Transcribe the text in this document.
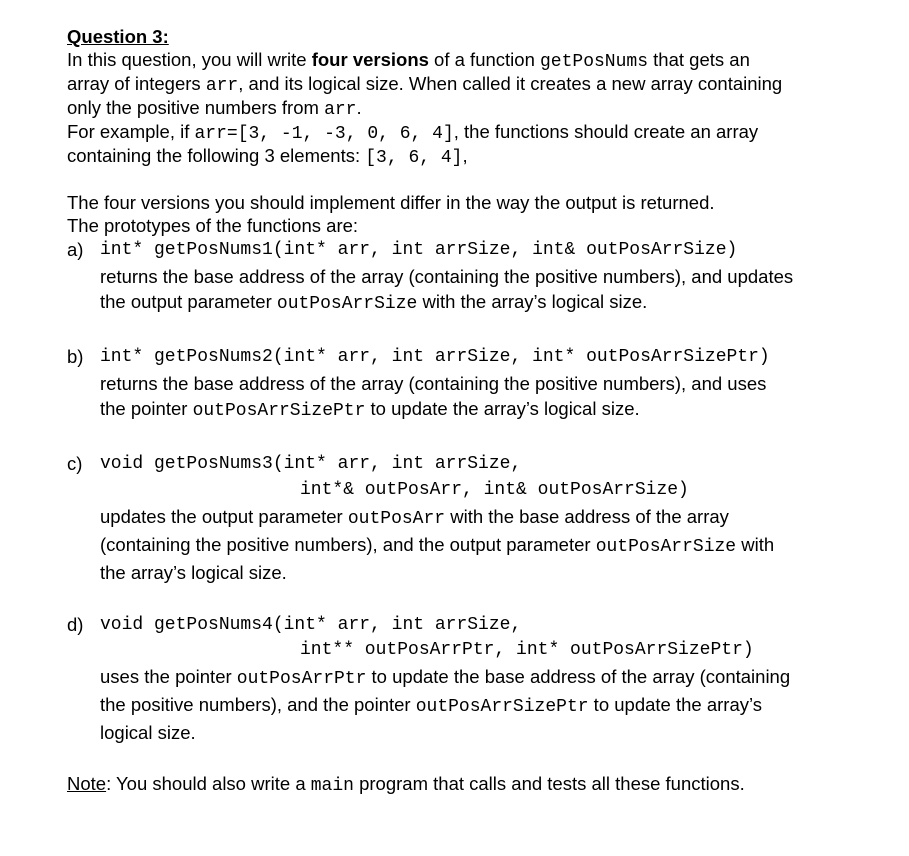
Question 3:
In this question, you will write four versions of a function getPosNums that gets an
array of integers arr, and its logical size. When called it creates a new array containing
only the positive numbers from arr.
For example, if arr=[3, -1, -3, 0, 6, 4], the functions should create an array
containing the following 3 elements: [3, 6, 4],
The four versions you should implement differ in the way the output is returned.
The prototypes of the functions are:
a) int* getPosNums1(int* arr, int arrSize, int& outPosArrSize)
returns the base address of the array (containing the positive numbers), and updates
the output parameter outPosArrSize with the array’s logical size.
b) int* getPosNums2(int* arr, int arrSize, int* outPosArrSizePtr)
returns the base address of the array (containing the positive numbers), and uses
the pointer outPosArrSizePtr to update the array’s logical size.
c) void getPosNums3(int* arr, int arrSize,
int*& outPosArr, int& outPosArrSize)
updates the output parameter outPosArr with the base address of the array
(containing the positive numbers), and the output parameter outPosArrSize with
the array’s logical size.
d) void getPosNums4(int* arr, int arrSize,
int** outPosArrPtr, int* outPosArrSizePtr)
uses the pointer outPosArrPtr to update the base address of the array (containing
the positive numbers), and the pointer outPosArrSizePtr to update the array’s
logical size.
Note: You should also write a main program that calls and tests all these functions.
